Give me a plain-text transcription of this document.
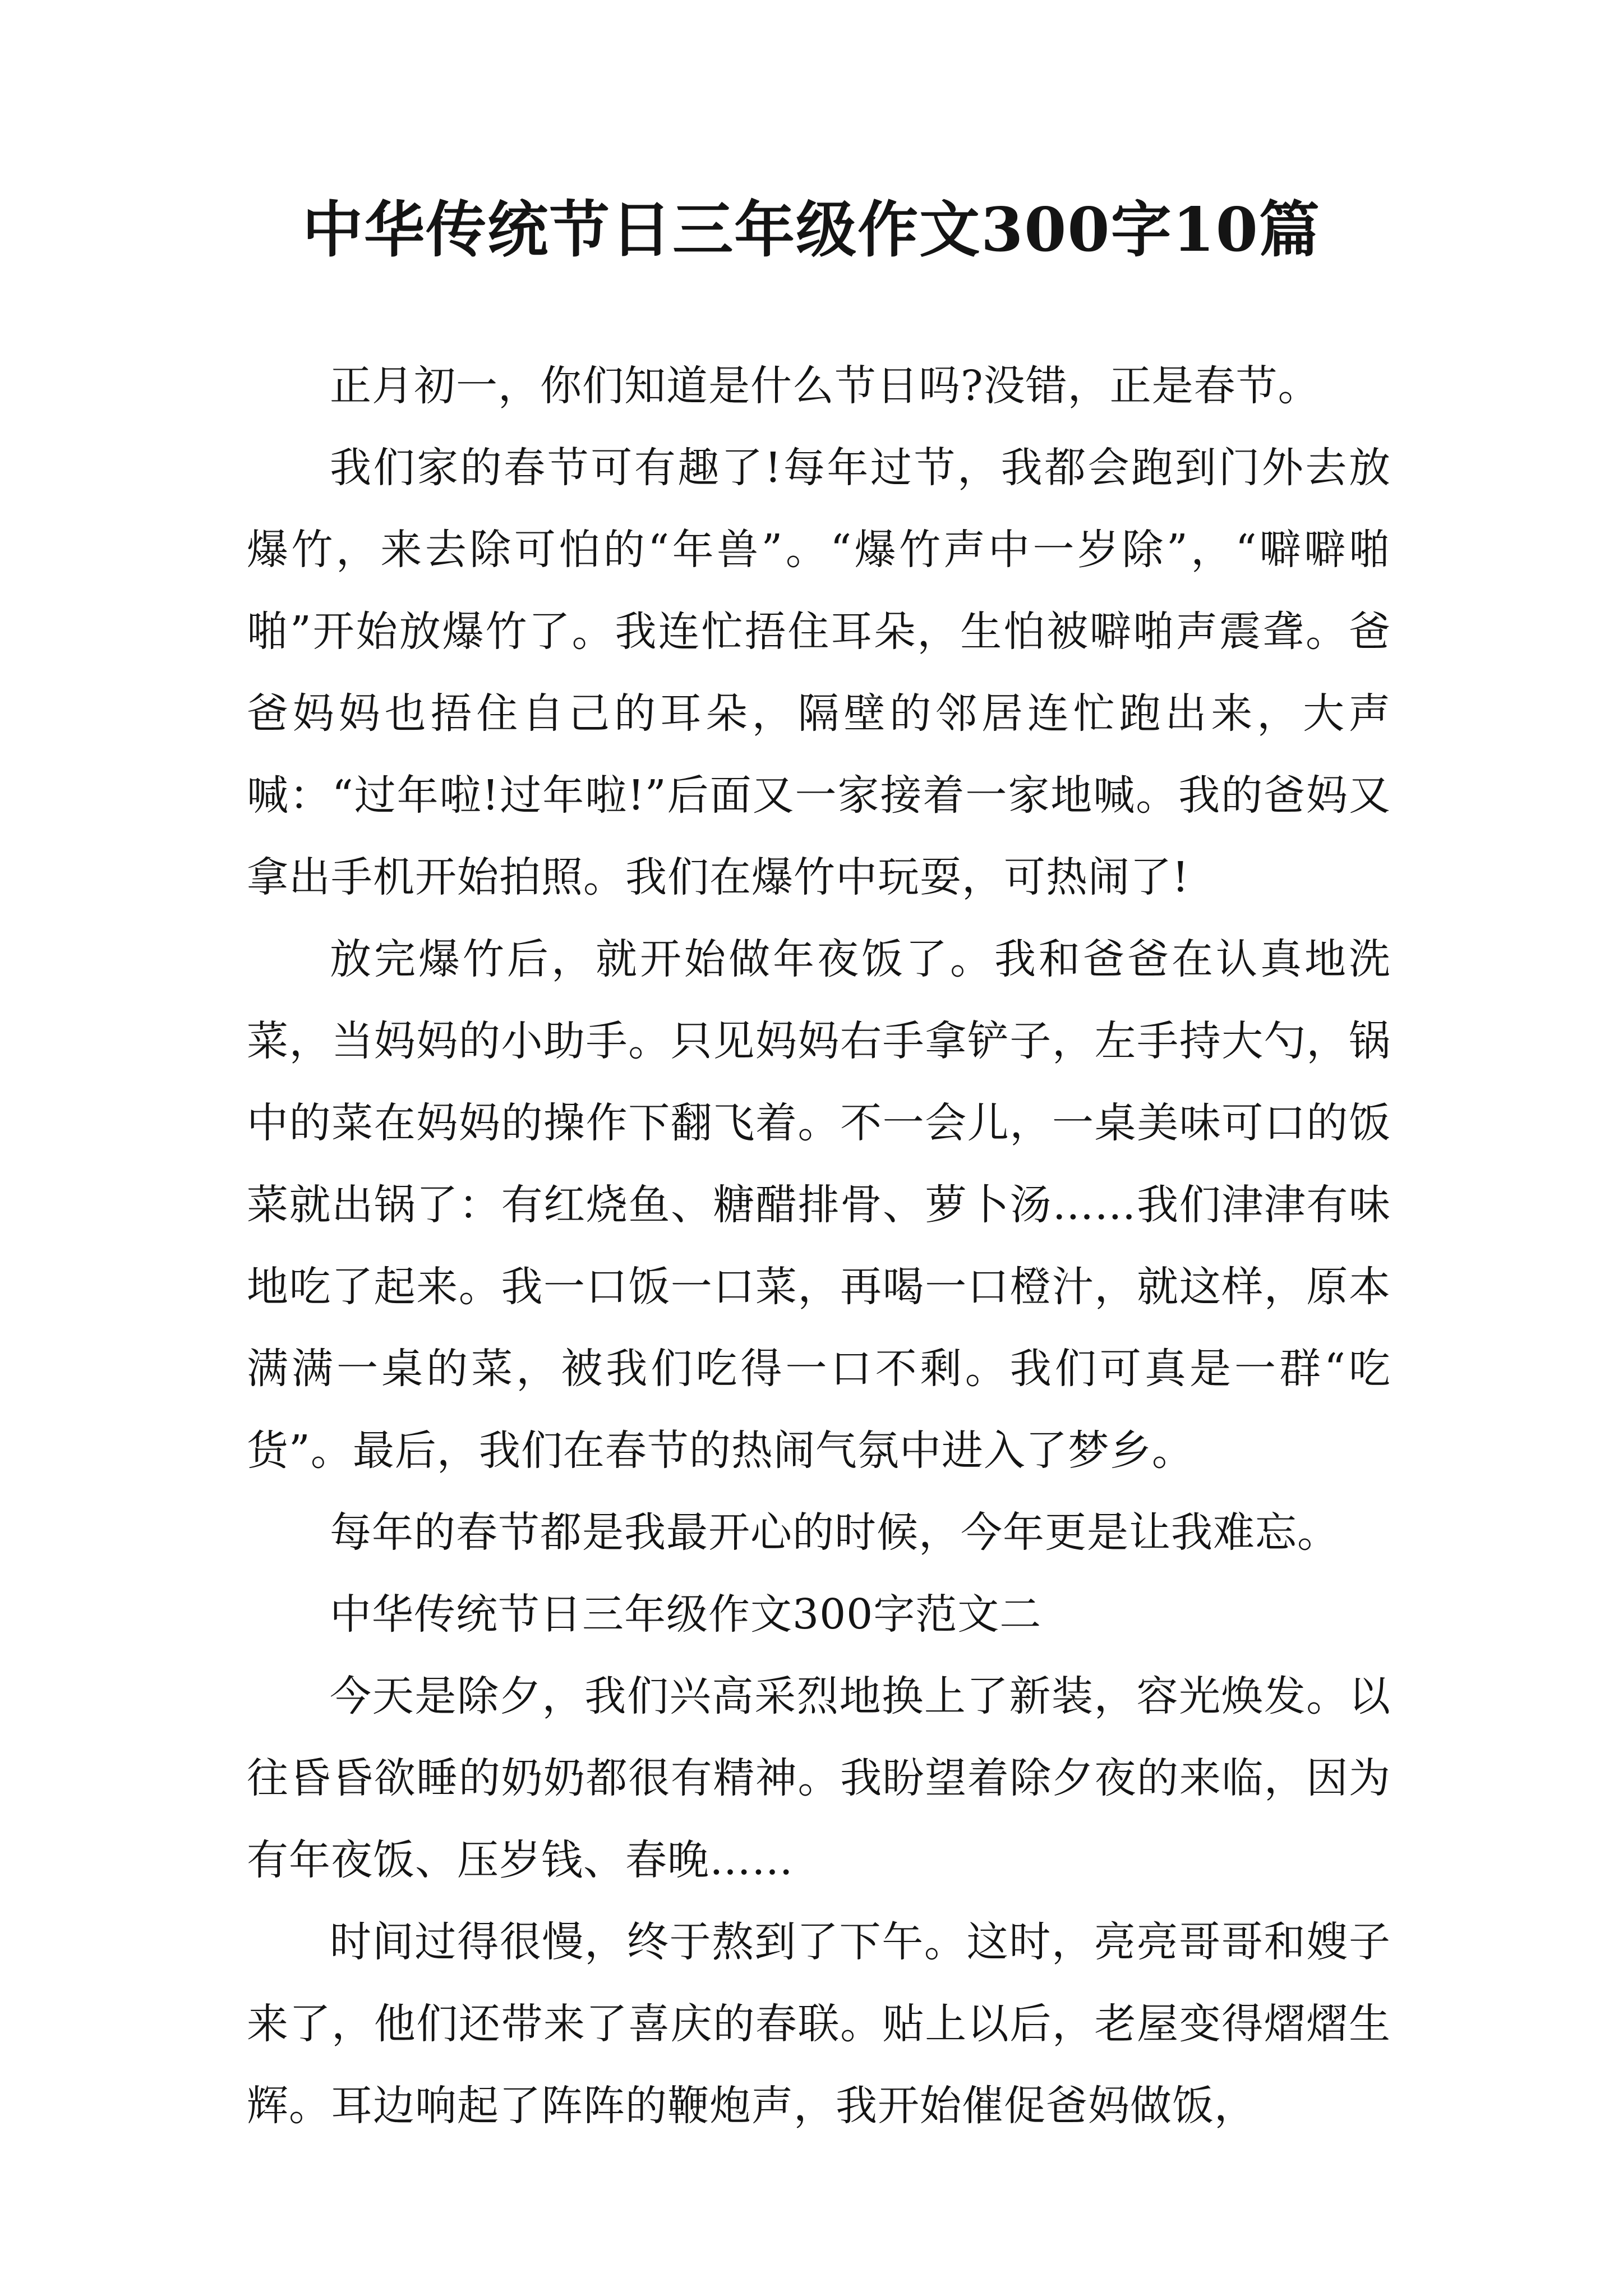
中华传统节日三年级作文300字10篇

正月初一，你们知道是什么节日吗?没错，正是春节。

我们家的春节可有趣了!每年过节，我都会跑到门外去放爆竹，来去除可怕的“年兽”。“爆竹声中一岁除”，“噼噼啪啪”开始放爆竹了。我连忙捂住耳朵，生怕被噼啪声震聋。爸爸妈妈也捂住自己的耳朵，隔壁的邻居连忙跑出来，大声喊：“过年啦!过年啦!”后面又一家接着一家地喊。我的爸妈又拿出手机开始拍照。我们在爆竹中玩耍，可热闹了!

放完爆竹后，就开始做年夜饭了。我和爸爸在认真地洗菜，当妈妈的小助手。只见妈妈右手拿铲子，左手持大勺，锅中的菜在妈妈的操作下翻飞着。不一会儿，一桌美味可口的饭菜就出锅了：有红烧鱼、糖醋排骨、萝卜汤……我们津津有味地吃了起来。我一口饭一口菜，再喝一口橙汁，就这样，原本满满一桌的菜，被我们吃得一口不剩。我们可真是一群“吃货”。最后，我们在春节的热闹气氛中进入了梦乡。

每年的春节都是我最开心的时候，今年更是让我难忘。

中华传统节日三年级作文300字范文二

今天是除夕，我们兴高采烈地换上了新装，容光焕发。以往昏昏欲睡的奶奶都很有精神。我盼望着除夕夜的来临，因为有年夜饭、压岁钱、春晚……

时间过得很慢，终于熬到了下午。这时，亮亮哥哥和嫂子来了，他们还带来了喜庆的春联。贴上以后，老屋变得熠熠生辉。耳边响起了阵阵的鞭炮声，我开始催促爸妈做饭，
